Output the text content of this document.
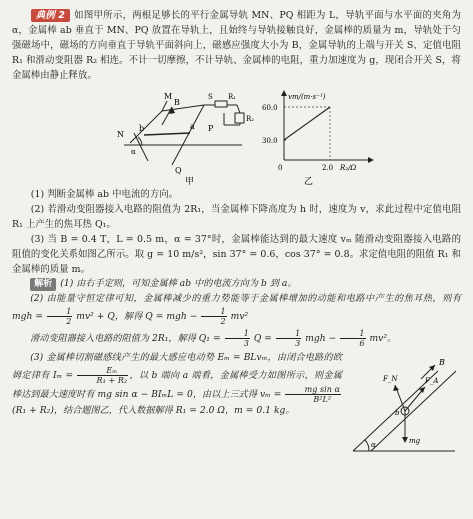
典例 2 如图甲所示，两根足够长的平行金属导轨 MN、PQ 相距为 L，导轨平面与水平面的夹角为 α，金属棒 ab 垂直于 MN、PQ 放置在导轨上，且始终与导轨接触良好，金属棒的质量为 m，导轨处于匀强磁场中，磁场的方向垂直于导轨平面斜向上，磁感应强度大小为 B，金属导轨的上端与开关 S、定值电阻 R₁ 和滑动变阻器 R₂ 相连。不计一切摩擦，不计导轨、金属棒的电阻，重力加速度为 g，现闭合开关 S，将金属棒由静止释放。

M
N
P
Q
a
b
B
S R₁
R₂
α
甲
vm/(m·s⁻¹)
60.0
30.0
0	2.0 R₂/Ω
乙

(1) 判断金属棒 ab 中电流的方向。

(2) 若滑动变阻器接入电路的阻值为 2R₁，当金属棒下降高度为 h 时，速度为 v，求此过程中定值电阻 R₁ 上产生的焦耳热 Q₁。

(3) 当 B = 0.4 T，L = 0.5 m，α = 37°时，金属棒能达到的最大速度 vₘ 随滑动变阻器接入电路的阻值的变化关系如图乙所示。取 g = 10 m/s²，sin 37° = 0.6，cos 37° = 0.8。求定值电阻的阻值 R₁ 和金属棒的质量 m。

解析 (1) 由右手定则，可知金属棒 ab 中的电流方向为 b 到 a。

(2) 由能量守恒定律可知，金属棒减少的重力势能等于金属棒增加的动能和电路中产生的焦耳热，则有 mgh = $\frac{1}{2} mv^2 + Q$，解得 Q = mgh − $\frac{1}{2} mv^2$

滑动变阻器接入电路的阻值为 2R₁，解得 $Q_1 = \frac{1}{3}$ $Q = \frac{1}{3}$ mgh − $\frac{1}{6} mv^2$。

(3) 金属棒切割磁感线产生的最大感应电动势 Eₘ = BLvₘ，由闭合电路的欧姆定律有 $I_m = \frac{\text{Eₘ}}{\text{R₁ + R₂}}$ ，以 b 端向 a 端看，金属棒受力如图所示，则金属棒达到最大速度时有 mg sin α − BIₘL = 0，由以上三式得 $v_m = \frac{\text{mg sin α}}{\text{B²L²}}$
(R₁ + R₂)，结合题图乙，代入数据解得 R₁ = 2.0 Ω，m = 0.1 kg。

B
F_A
F_N
b
mg
α
